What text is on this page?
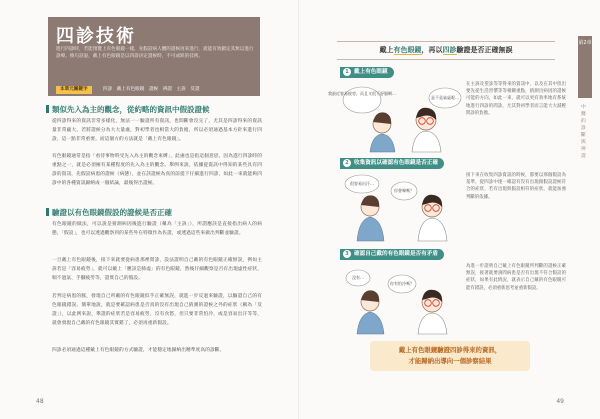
四診技術
進行四診時，若能預覽上有色眼鏡一樣，先假設病人體的證候再來進行，就能有效鎖定其無以進行診療。換句話說，戴上有色眼鏡是以四診決定證候時，不可或缺的技術。
本單元關鍵字	四診　戴上有色眼鏡　證候　辨證　主訴　反證
類似先入為主的觀念，從約略的資訊中假設證候
從四診得來的資訊非常多樣化，無法一一驗證所有資訊，也間斷會沒完了，尤其是四診得來的資訊量非常龐大，若將證候分為大大量處，對初學者也相當大的負擔，所以必須通過基本方針來進行四診，這一點非常重要。而這個方的方法就是「戴上有色眼鏡」。
有色眼鏡通常是指「看待事物時受先入為主的觀念束縛」，此處也是指這個意思，因為進行四診時的重點之一，就是必須擁有某種程度的先入為主的觀念。舉例來說，依據從資訊中得知的某些具有四診的資訊，先假設病患的證候（病態），並在該證候為真的前提下仔細進行四診，如此一來就能夠四診中的各種資訊歸納成一個結論，最後得出證候。
驗證以有色眼鏡假設的證候是否正確
有色眼鏡的做法，可以說是猜測病因後進行驗證（稱為「主訴」），所謂應該是直接指出病人的病態，「假設」，也可以透過觀察到的某些外在特徵作為佐證，或透過這些來做出判斷並驗證。
一旦戴上有色眼鏡後，接下來就要從病患那裡問診，設法證明自己戴的有色眼鏡正確無誤，例如主訴若是「容易疲勞」，就可以戴上「應該是肺虛」的有色眼鏡，然後仔細觀察是否有出現虛性症狀，喘不過氣、手腳疲勞等，證實自己的假設。
若判定病患的脈，發現自己所戴的有色眼鏡似乎正確無誤，就進一步反過來驗證，以驗證自己的有色眼鏡錯誤。簡單地說，就是要確認病患是否真的沒有出現自己猜測的證候之外的症狀（稱為「反證」），以此例來說，舉證的症狀若是容易疲勞，沒有食慾，但只要非常怕冷，或是容易出汗等等，就會發現自己戴的有色眼鏡其實錯了，必須再重新假設。
四診必須通過這種戴上有色眼鏡的方式驗證，才能穩定地歸納出精準度高的診斷。
48
戴上有色眼鏡，再以四診驗證是否正確無誤
第2章
中醫的診斷與辨證
1 戴上有色眼鏡
我最近容易疲勞，而且又很不舒服啊…
是不是氣虛呢…
在主訴及望診等等得來的資訊中，以及在其中找出要先從生活習慣等等相關重點，猜測出病因的證候可能的方向，如此一來，就可以更有效率地有系統地進行四診的問診，尤其對初學者而言能大大減輕問診的負擔。
2 收集資訊以確認有色眼鏡是否正確
很容易出汗…
你會喘嗎？
接下來在收集四診資訊的時候，都要以那個假設為基準，從四診中逐一確認有沒有出現跟假設證候符合的症狀，若有出現與假設相符的症狀，就能加強判斷的依據。
3 確認自己戴的有色眼鏡是否有矛盾
沒有…
你有怕冷嗎？
為進一步證明自己戴上有色眼鏡所判斷的證候正確無誤，接著就要詢問病患是否有出現不符合假設的症狀，如果有此情況，就表示自己戴的有色眼鏡可能有錯誤，必須重新思考並重新假設。
戴上有色眼鏡驗證四診得來的資訊，
才能歸納出導向一個診察結果
49
